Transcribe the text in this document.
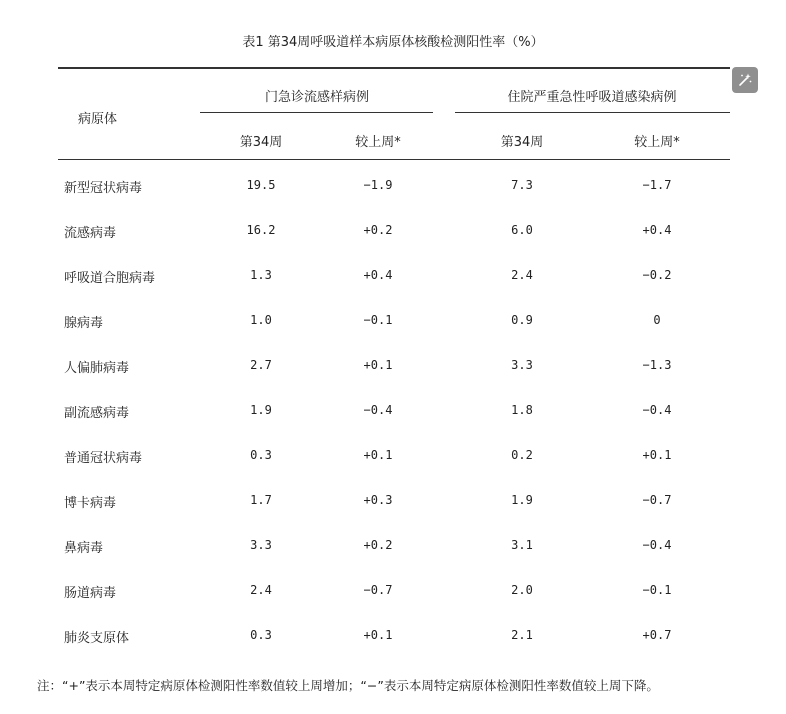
表1 第34周呼吸道样本病原体核酸检测阳性率（%）
病原体
门急诊流感样病例	住院严重急性呼吸道感染病例
第34周	较上周*	第34周	较上周*
新型冠状病毒	19.5	−1.9	7.3	−1.7
流感病毒	16.2	+0.2	6.0	+0.4
呼吸道合胞病毒	1.3	+0.4	2.4	−0.2
腺病毒	1.0	−0.1	0.9	0
人偏肺病毒	2.7	+0.1	3.3	−1.3
副流感病毒	1.9	−0.4	1.8	−0.4
普通冠状病毒	0.3	+0.1	0.2	+0.1
博卡病毒	1.7	+0.3	1.9	−0.7
鼻病毒	3.3	+0.2	3.1	−0.4
肠道病毒	2.4	−0.7	2.0	−0.1
肺炎支原体	0.3	+0.1	2.1	+0.7
注：“+”表示本周特定病原体检测阳性率数值较上周增加；“−”表示本周特定病原体检测阳性率数值较上周下降。
